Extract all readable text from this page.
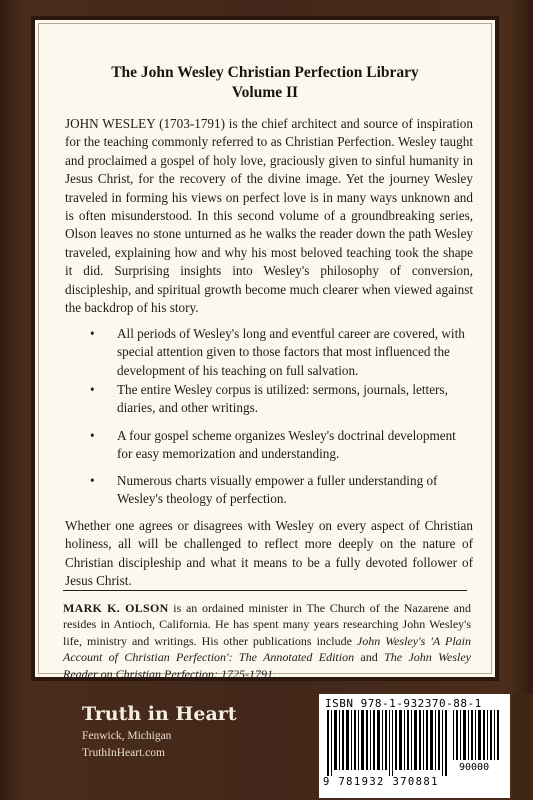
The John Wesley Christian Perfection Library
Volume II
JOHN WESLEY (1703-1791) is the chief architect and source of inspiration for the teaching commonly referred to as Christian Perfection. Wesley taught and proclaimed a gospel of holy love, graciously given to sinful humanity in Jesus Christ, for the recovery of the divine image. Yet the journey Wesley traveled in forming his views on perfect love is in many ways unknown and is often misunderstood. In this second volume of a groundbreaking series, Olson leaves no stone unturned as he walks the reader down the path Wesley traveled, explaining how and why his most beloved teaching took the shape it did. Surprising insights into Wesley's philosophy of conversion, discipleship, and spiritual growth become much clearer when viewed against the backdrop of his story.
• All periods of Wesley's long and eventful career are covered, with special attention given to those factors that most influenced the development of his teaching on full salvation.
• The entire Wesley corpus is utilized: sermons, journals, letters, diaries, and other writings.
• A four gospel scheme organizes Wesley's doctrinal development for easy memorization and understanding.
• Numerous charts visually empower a fuller understanding of Wesley's theology of perfection.
Whether one agrees or disagrees with Wesley on every aspect of Christian holiness, all will be challenged to reflect more deeply on the nature of Christian discipleship and what it means to be a fully devoted follower of Jesus Christ.
MARK K. OLSON is an ordained minister in The Church of the Nazarene and resides in Antioch, California. He has spent many years researching John Wesley's life, ministry and writings. His other publications include John Wesley's 'A Plain Account of Christian Perfection': The Annotated Edition and The John Wesley Reader on Christian Perfection: 1725-1791.
Truth in Heart
Fenwick, Michigan
TruthInHeart.com
ISBN 978-1-932370-88-1
90000
9 781932 370881
